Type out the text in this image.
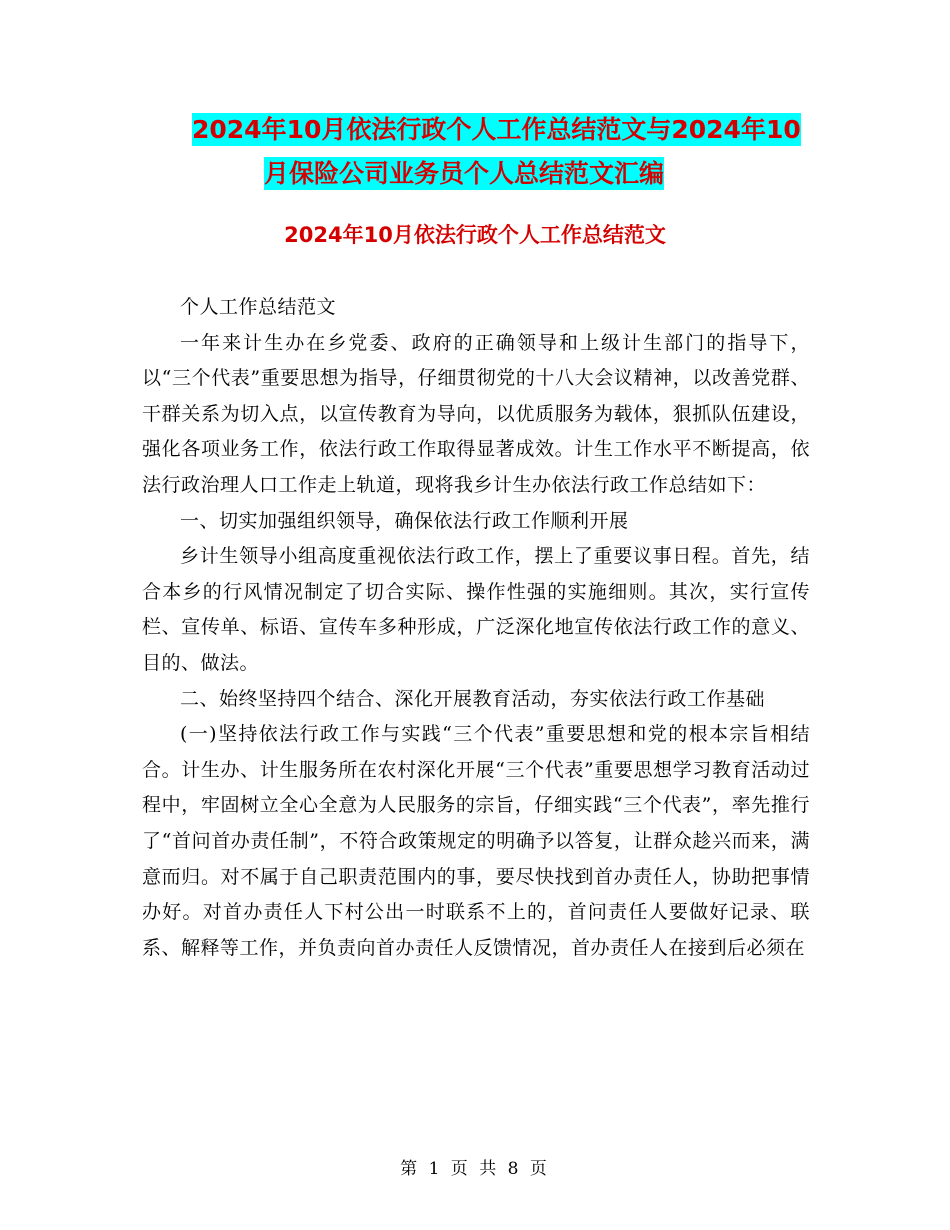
2024年10月依法行政个人工作总结范文与2024年10
月保险公司业务员个人总结范文汇编
2024年10月依法行政个人工作总结范文

个人工作总结范文

一年来计生办在乡党委、政府的正确领导和上级计生部门的指导下，以“三个代表”重要思想为指导，仔细贯彻党的十八大会议精神，以改善党群、干群关系为切入点，以宣传教育为导向，以优质服务为载体，狠抓队伍建设，强化各项业务工作，依法行政工作取得显著成效。计生工作水平不断提高，依法行政治理人口工作走上轨道，现将我乡计生办依法行政工作总结如下：

一、切实加强组织领导，确保依法行政工作顺利开展

乡计生领导小组高度重视依法行政工作，摆上了重要议事日程。首先，结合本乡的行风情况制定了切合实际、操作性强的实施细则。其次，实行宣传栏、宣传单、标语、宣传车多种形成，广泛深化地宣传依法行政工作的意义、目的、做法。

二、始终坚持四个结合、深化开展教育活动，夯实依法行政工作基础

(一)坚持依法行政工作与实践“三个代表”重要思想和党的根本宗旨相结合。计生办、计生服务所在农村深化开展“三个代表”重要思想学习教育活动过程中，牢固树立全心全意为人民服务的宗旨，仔细实践“三个代表”，率先推行了“首问首办责任制”，不符合政策规定的明确予以答复，让群众趁兴而来，满意而归。对不属于自己职责范围内的事，要尽快找到首办责任人，协助把事情办好。对首办责任人下村公出一时联系不上的，首问责任人要做好记录、联系、解释等工作，并负责向首办责任人反馈情况，首办责任人在接到后必须在

第 1 页 共 8 页
